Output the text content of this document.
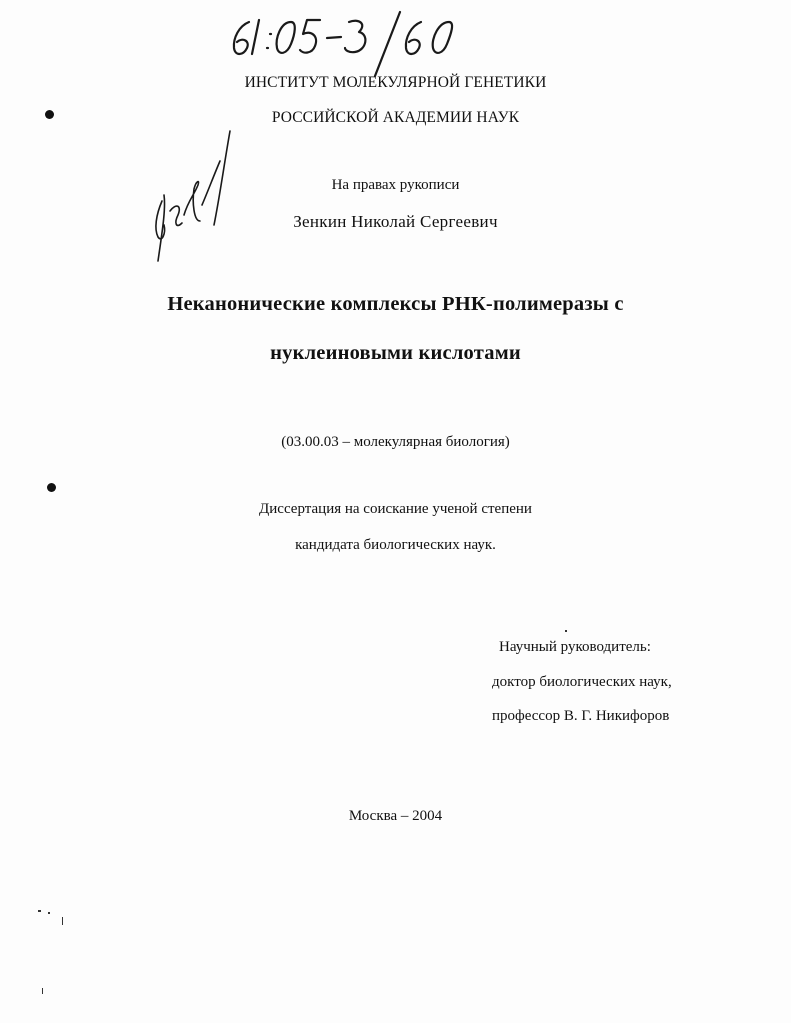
ИНСТИТУТ МОЛЕКУЛЯРНОЙ ГЕНЕТИКИ
РОССИЙСКОЙ АКАДЕМИИ НАУК
На правах рукописи
Зенкин Николай Сергеевич
Неканонические комплексы РНК-полимеразы с
нуклеиновыми кислотами
(03.00.03 – молекулярная биология)
Диссертация на соискание ученой степени
кандидата биологических наук.
Научный руководитель:
доктор биологических наук,
профессор В. Г. Никифоров
Москва – 2004
